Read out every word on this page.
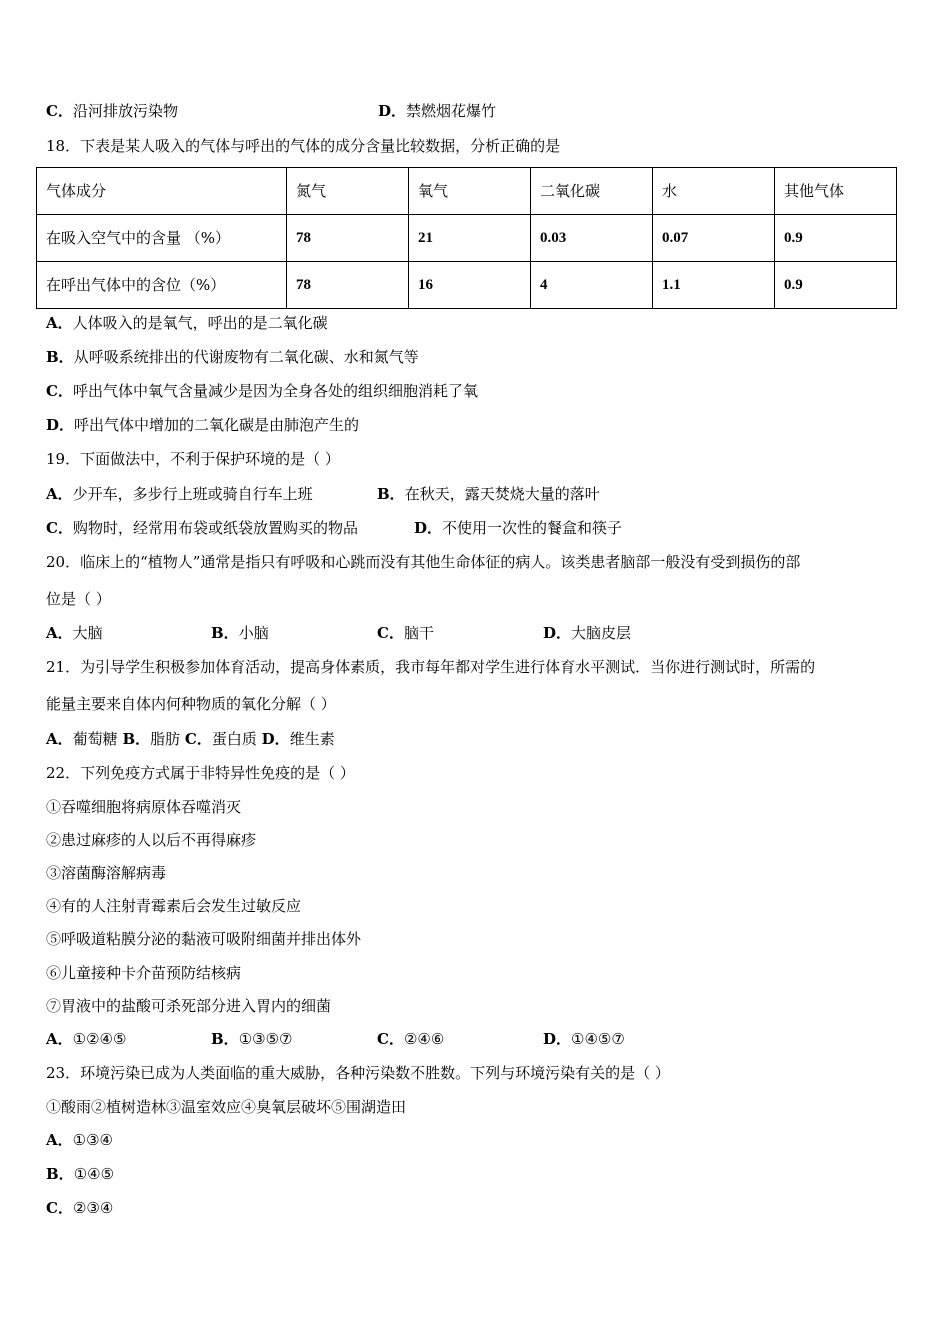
C．沿河排放污染物	D．禁燃烟花爆竹
18．下表是某人吸入的气体与呼出的气体的成分含量比较数据，分析正确的是
气体成分	氮气	氧气	二氧化碳	水	其他气体
在吸入空气中的含量 （%）	78	21	0.03	0.07	0.9
在呼出气体中的含位（%）	78	16	4	1.1	0.9
A．人体吸入的是氧气，呼出的是二氧化碳
B．从呼吸系统排出的代谢废物有二氧化碳、水和氮气等
C．呼出气体中氧气含量减少是因为全身各处的组织细胞消耗了氧
D．呼出气体中增加的二氧化碳是由肺泡产生的
19．下面做法中，不利于保护环境的是（ ）
A．少开车，多步行上班或骑自行车上班	B．在秋天，露天焚烧大量的落叶
C．购物时，经常用布袋或纸袋放置购买的物品	D．不使用一次性的餐盒和筷子
20．临床上的“植物人”通常是指只有呼吸和心跳而没有其他生命体征的病人。该类患者脑部一般没有受到损伤的部
位是（ ）
A．大脑	B．小脑	C．脑干	D．大脑皮层
21．为引导学生积极参加体育活动，提高身体素质，我市每年都对学生进行体育水平测试．当你进行测试时，所需的
能量主要来自体内何种物质的氧化分解（ ）
A．葡萄糖 B．脂肪 C．蛋白质 D．维生素
22．下列免疫方式属于非特异性免疫的是（ ）
①吞噬细胞将病原体吞噬消灭
②患过麻疹的人以后不再得麻疹
③溶菌酶溶解病毒
④有的人注射青霉素后会发生过敏反应
⑤呼吸道粘膜分泌的黏液可吸附细菌并排出体外
⑥儿童接种卡介苗预防结核病
⑦胃液中的盐酸可杀死部分进入胃内的细菌
A．①②④⑤	B．①③⑤⑦	C．②④⑥	D．①④⑤⑦
23．环境污染已成为人类面临的重大威胁，各种污染数不胜数。下列与环境污染有关的是（ ）
①酸雨②植树造林③温室效应④臭氧层破坏⑤围湖造田
A．①③④
B．①④⑤
C．②③④
